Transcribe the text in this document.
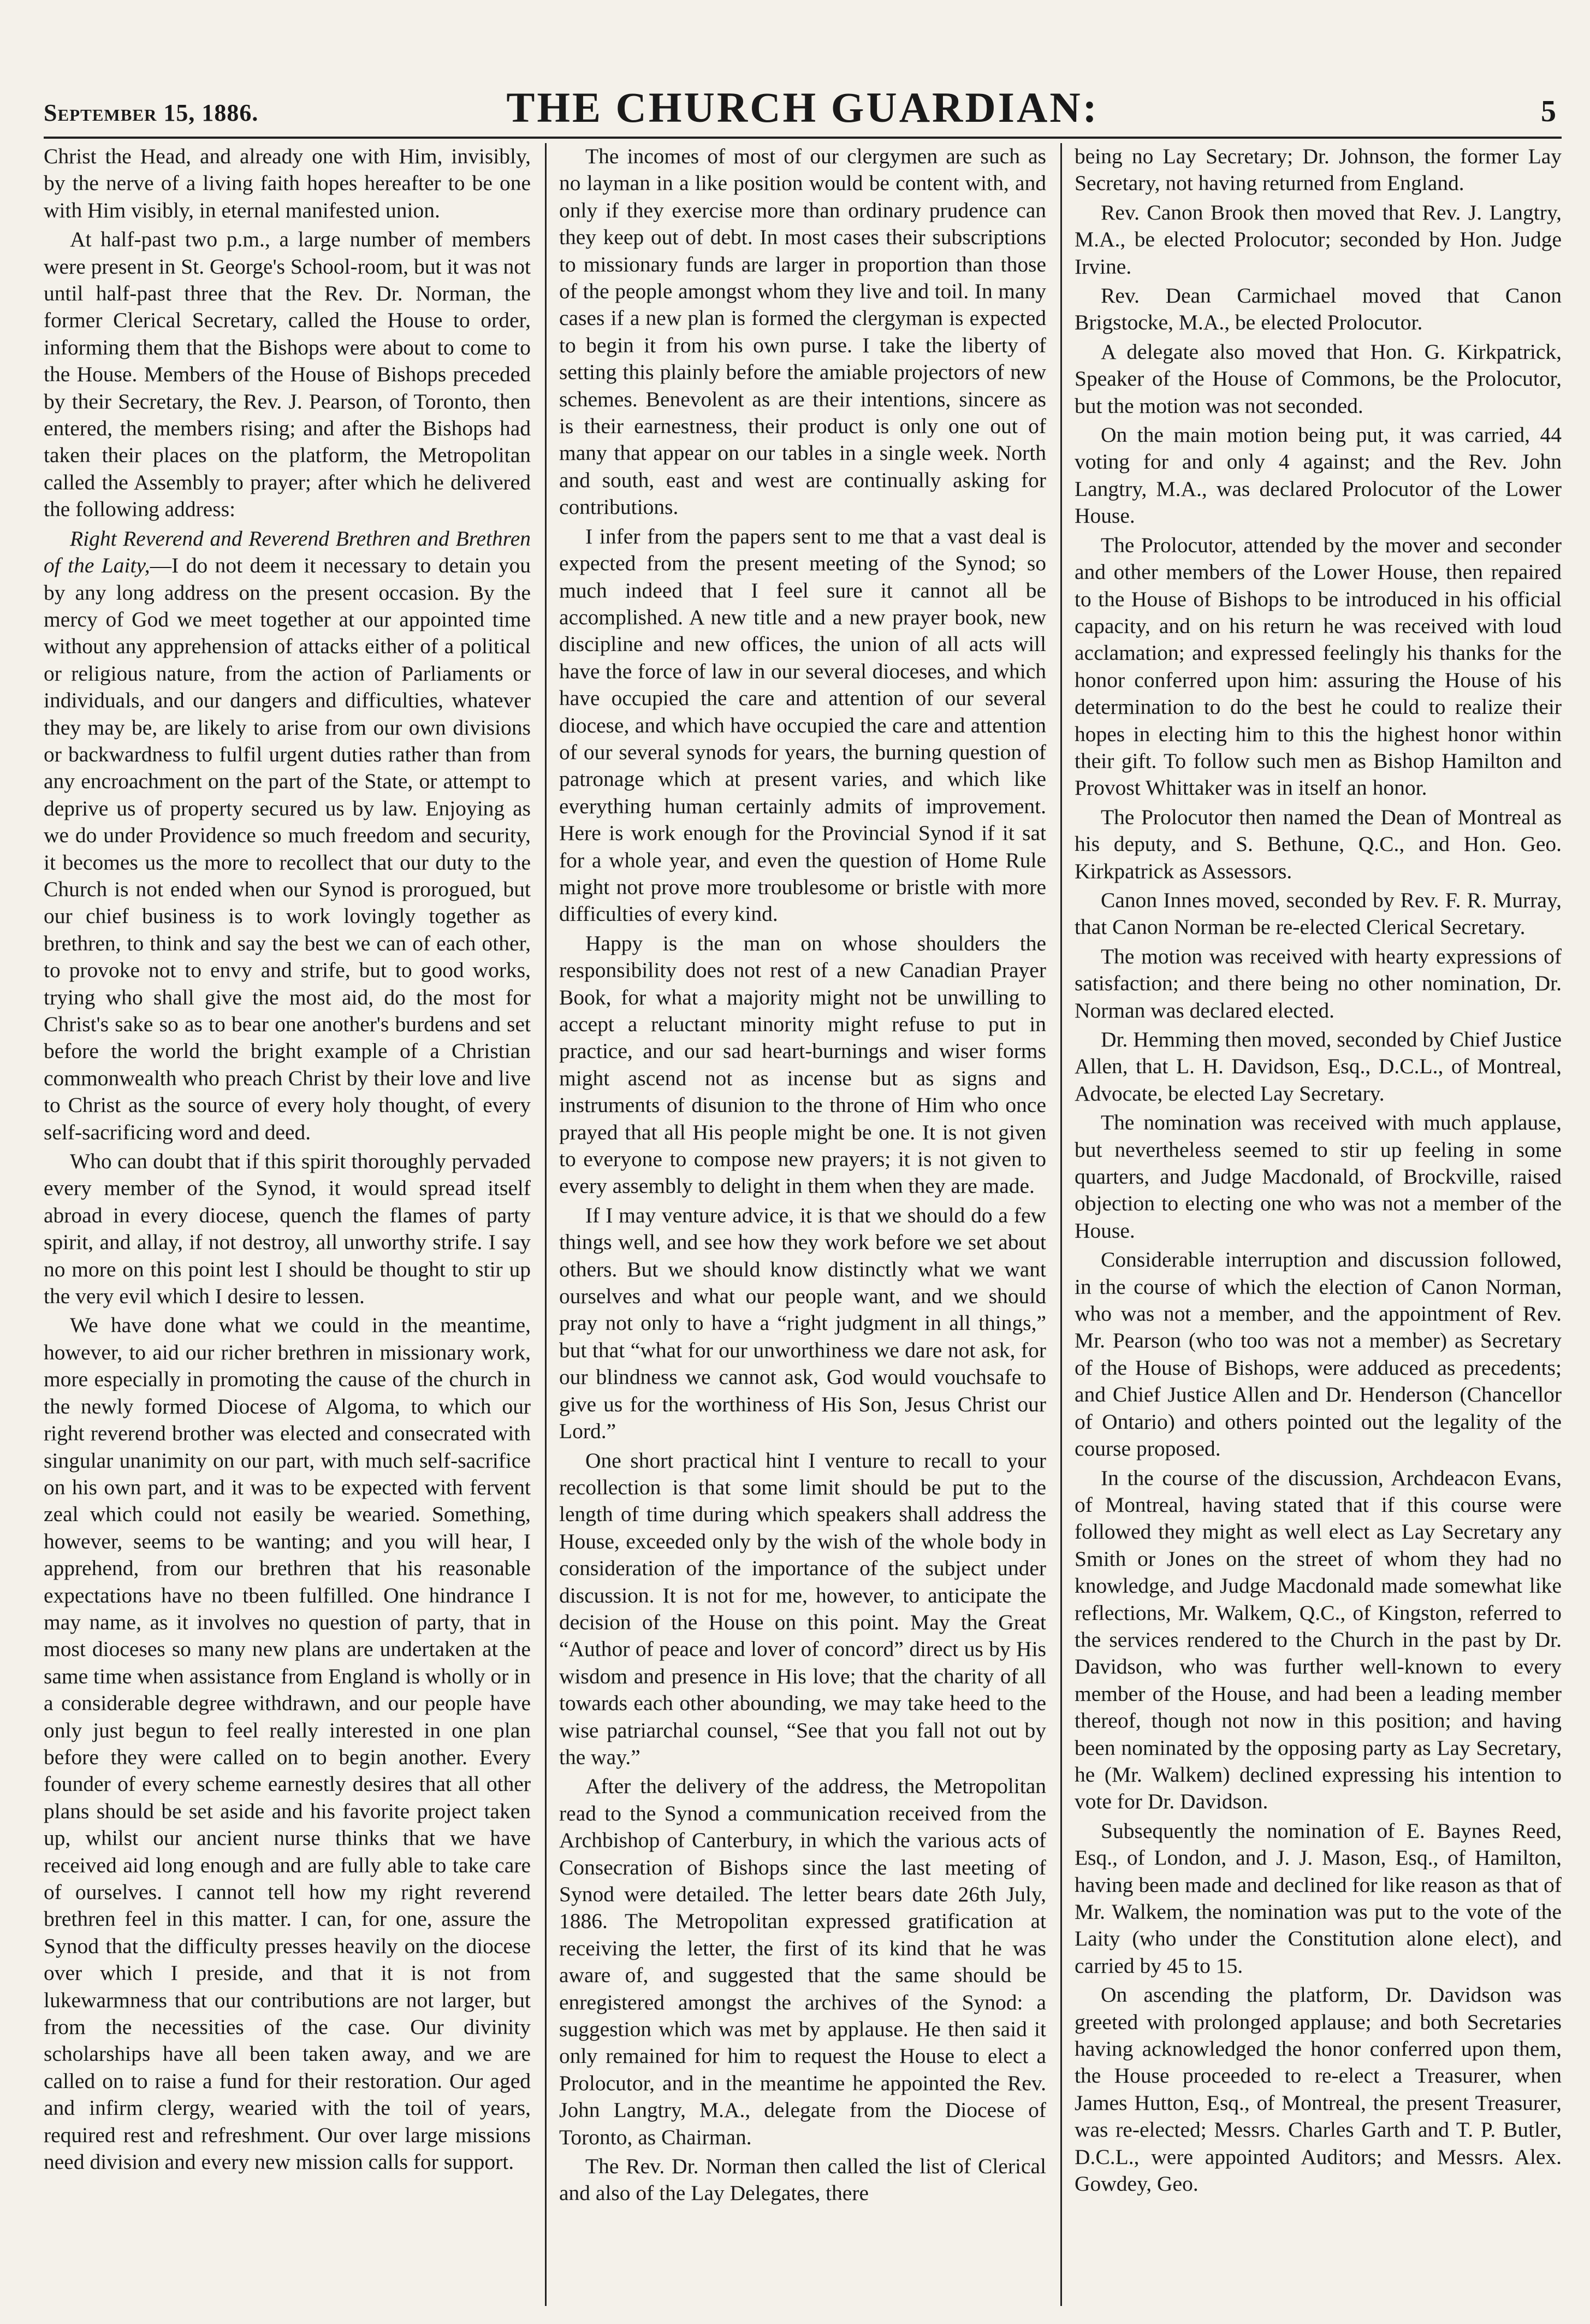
September 15, 1886.	THE CHURCH GUARDIAN:	5

Christ the Head, and already one with Him, invisibly, by the nerve of a living faith hopes hereafter to be one with Him visibly, in eternal manifested union.

At half-past two p.m., a large number of members were present in St. George's School-room, but it was not until half-past three that the Rev. Dr. Norman, the former Clerical Secretary, called the House to order, informing them that the Bishops were about to come to the House. Members of the House of Bishops preceded by their Secretary, the Rev. J. Pearson, of Toronto, then entered, the members rising; and after the Bishops had taken their places on the platform, the Metropolitan called the Assembly to prayer; after which he delivered the following address:

Right Reverend and Reverend Brethren and Brethren of the Laity,—I do not deem it necessary to detain you by any long address on the present occasion. By the mercy of God we meet together at our appointed time without any apprehension of attacks either of a political or religious nature, from the action of Parliaments or individuals, and our dangers and difficulties, whatever they may be, are likely to arise from our own divisions or backwardness to fulfil urgent duties rather than from any encroachment on the part of the State, or attempt to deprive us of property secured us by law. Enjoying as we do under Providence so much freedom and security, it becomes us the more to recollect that our duty to the Church is not ended when our Synod is prorogued, but our chief business is to work lovingly together as brethren, to think and say the best we can of each other, to provoke not to envy and strife, but to good works, trying who shall give the most aid, do the most for Christ's sake so as to bear one another's burdens and set before the world the bright example of a Christian commonwealth who preach Christ by their love and live to Christ as the source of every holy thought, of every self-sacrificing word and deed.

Who can doubt that if this spirit thoroughly pervaded every member of the Synod, it would spread itself abroad in every diocese, quench the flames of party spirit, and allay, if not destroy, all unworthy strife. I say no more on this point lest I should be thought to stir up the very evil which I desire to lessen.

We have done what we could in the meantime, however, to aid our richer brethren in missionary work, more especially in promoting the cause of the church in the newly formed Diocese of Algoma, to which our right reverend brother was elected and consecrated with singular unanimity on our part, with much self-sacrifice on his own part, and it was to be expected with fervent zeal which could not easily be wearied. Something, however, seems to be wanting; and you will hear, I apprehend, from our brethren that his reasonable expectations have no tbeen fulfilled. One hindrance I may name, as it involves no question of party, that in most dioceses so many new plans are undertaken at the same time when assistance from England is wholly or in a considerable degree withdrawn, and our people have only just begun to feel really interested in one plan before they were called on to begin another. Every founder of every scheme earnestly desires that all other plans should be set aside and his favorite project taken up, whilst our ancient nurse thinks that we have received aid long enough and are fully able to take care of ourselves. I cannot tell how my right reverend brethren feel in this matter. I can, for one, assure the Synod that the difficulty presses heavily on the diocese over which I preside, and that it is not from lukewarmness that our contributions are not larger, but from the necessities of the case. Our divinity scholarships have all been taken away, and we are called on to raise a fund for their restoration. Our aged and infirm clergy, wearied with the toil of years, required rest and refreshment. Our over large missions need division and every new mission calls for support.

The incomes of most of our clergymen are such as no layman in a like position would be content with, and only if they exercise more than ordinary prudence can they keep out of debt. In most cases their subscriptions to missionary funds are larger in proportion than those of the people amongst whom they live and toil. In many cases if a new plan is formed the clergyman is expected to begin it from his own purse. I take the liberty of setting this plainly before the amiable projectors of new schemes. Benevolent as are their intentions, sincere as is their earnestness, their product is only one out of many that appear on our tables in a single week. North and south, east and west are continually asking for contributions.

I infer from the papers sent to me that a vast deal is expected from the present meeting of the Synod; so much indeed that I feel sure it cannot all be accomplished. A new title and a new prayer book, new discipline and new offices, the union of all acts will have the force of law in our several dioceses, and which have occupied the care and attention of our several diocese, and which have occupied the care and attention of our several synods for years, the burning question of patronage which at present varies, and which like everything human certainly admits of improvement. Here is work enough for the Provincial Synod if it sat for a whole year, and even the question of Home Rule might not prove more troublesome or bristle with more difficulties of every kind.

Happy is the man on whose shoulders the responsibility does not rest of a new Canadian Prayer Book, for what a majority might not be unwilling to accept a reluctant minority might refuse to put in practice, and our sad heart-burnings and wiser forms might ascend not as incense but as signs and instruments of disunion to the throne of Him who once prayed that all His people might be one. It is not given to everyone to compose new prayers; it is not given to every assembly to delight in them when they are made.

If I may venture advice, it is that we should do a few things well, and see how they work before we set about others. But we should know distinctly what we want ourselves and what our people want, and we should pray not only to have a “right judgment in all things,” but that “what for our unworthiness we dare not ask, for our blindness we cannot ask, God would vouchsafe to give us for the worthiness of His Son, Jesus Christ our Lord.”

One short practical hint I venture to recall to your recollection is that some limit should be put to the length of time during which speakers shall address the House, exceeded only by the wish of the whole body in consideration of the importance of the subject under discussion. It is not for me, however, to anticipate the decision of the House on this point. May the Great “Author of peace and lover of concord” direct us by His wisdom and presence in His love; that the charity of all towards each other abounding, we may take heed to the wise patriarchal counsel, “See that you fall not out by the way.”

After the delivery of the address, the Metropolitan read to the Synod a communication received from the Archbishop of Canterbury, in which the various acts of Consecration of Bishops since the last meeting of Synod were detailed. The letter bears date 26th July, 1886. The Metropolitan expressed gratification at receiving the letter, the first of its kind that he was aware of, and suggested that the same should be enregistered amongst the archives of the Synod: a suggestion which was met by applause. He then said it only remained for him to request the House to elect a Prolocutor, and in the meantime he appointed the Rev. John Langtry, M.A., delegate from the Diocese of Toronto, as Chairman.

The Rev. Dr. Norman then called the list of Clerical and also of the Lay Delegates, there

being no Lay Secretary; Dr. Johnson, the former Lay Secretary, not having returned from England.

Rev. Canon Brook then moved that Rev. J. Langtry, M.A., be elected Prolocutor; seconded by Hon. Judge Irvine.

Rev. Dean Carmichael moved that Canon Brigstocke, M.A., be elected Prolocutor.

A delegate also moved that Hon. G. Kirkpatrick, Speaker of the House of Commons, be the Prolocutor, but the motion was not seconded.

On the main motion being put, it was carried, 44 voting for and only 4 against; and the Rev. John Langtry, M.A., was declared Prolocutor of the Lower House.

The Prolocutor, attended by the mover and seconder and other members of the Lower House, then repaired to the House of Bishops to be introduced in his official capacity, and on his return he was received with loud acclamation; and expressed feelingly his thanks for the honor conferred upon him: assuring the House of his determination to do the best he could to realize their hopes in electing him to this the highest honor within their gift. To follow such men as Bishop Hamilton and Provost Whittaker was in itself an honor.

The Prolocutor then named the Dean of Montreal as his deputy, and S. Bethune, Q.C., and Hon. Geo. Kirkpatrick as Assessors.

Canon Innes moved, seconded by Rev. F. R. Murray, that Canon Norman be re-elected Clerical Secretary.

The motion was received with hearty expressions of satisfaction; and there being no other nomination, Dr. Norman was declared elected.

Dr. Hemming then moved, seconded by Chief Justice Allen, that L. H. Davidson, Esq., D.C.L., of Montreal, Advocate, be elected Lay Secretary.

The nomination was received with much applause, but nevertheless seemed to stir up feeling in some quarters, and Judge Macdonald, of Brockville, raised objection to electing one who was not a member of the House.

Considerable interruption and discussion followed, in the course of which the election of Canon Norman, who was not a member, and the appointment of Rev. Mr. Pearson (who too was not a member) as Secretary of the House of Bishops, were adduced as precedents; and Chief Justice Allen and Dr. Henderson (Chancellor of Ontario) and others pointed out the legality of the course proposed.

In the course of the discussion, Archdeacon Evans, of Montreal, having stated that if this course were followed they might as well elect as Lay Secretary any Smith or Jones on the street of whom they had no knowledge, and Judge Macdonald made somewhat like reflections, Mr. Walkem, Q.C., of Kingston, referred to the services rendered to the Church in the past by Dr. Davidson, who was further well-known to every member of the House, and had been a leading member thereof, though not now in this position; and having been nominated by the opposing party as Lay Secretary, he (Mr. Walkem) declined expressing his intention to vote for Dr. Davidson.

Subsequently the nomination of E. Baynes Reed, Esq., of London, and J. J. Mason, Esq., of Hamilton, having been made and declined for like reason as that of Mr. Walkem, the nomination was put to the vote of the Laity (who under the Constitution alone elect), and carried by 45 to 15.

On ascending the platform, Dr. Davidson was greeted with prolonged applause; and both Secretaries having acknowledged the honor conferred upon them, the House proceeded to re-elect a Treasurer, when James Hutton, Esq., of Montreal, the present Treasurer, was re-elected; Messrs. Charles Garth and T. P. Butler, D.C.L., were appointed Auditors; and Messrs. Alex. Gowdey, Geo.
